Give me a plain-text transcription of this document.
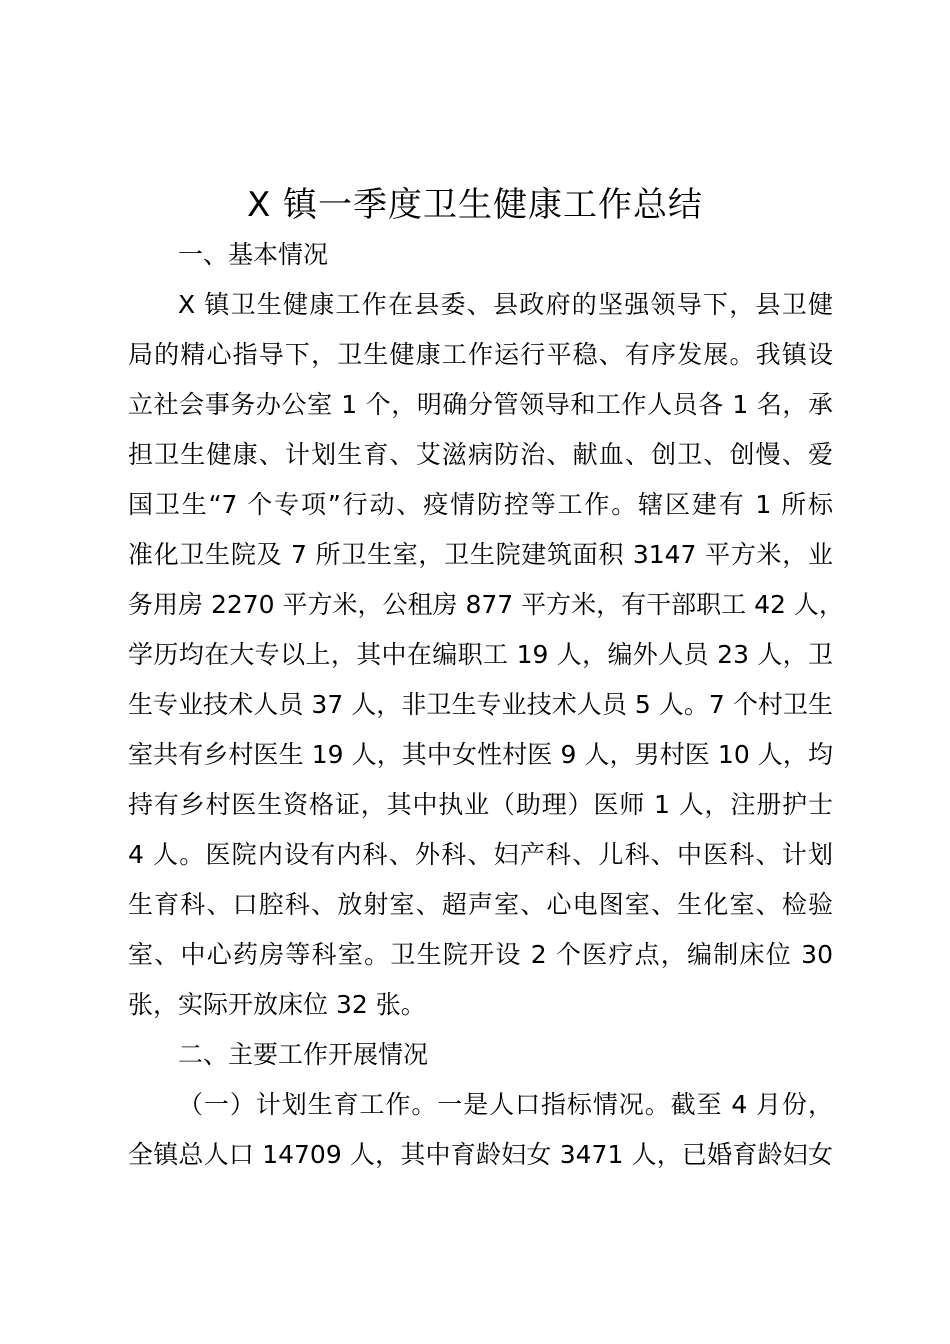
X 镇一季度卫生健康工作总结
一、基本情况
X 镇卫生健康工作在县委、县政府的坚强领导下，县卫健
局的精心指导下，卫生健康工作运行平稳、有序发展。我镇设
立社会事务办公室 1 个，明确分管领导和工作人员各 1 名，承
担卫生健康、计划生育、艾滋病防治、献血、创卫、创慢、爱
国卫生“7 个专项”行动、疫情防控等工作。辖区建有 1 所标
准化卫生院及 7 所卫生室，卫生院建筑面积 3147 平方米，业
务用房 2270 平方米，公租房 877 平方米，有干部职工 42 人，
学历均在大专以上，其中在编职工 19 人，编外人员 23 人，卫
生专业技术人员 37 人，非卫生专业技术人员 5 人。7 个村卫生
室共有乡村医生 19 人，其中女性村医 9 人，男村医 10 人，均
持有乡村医生资格证，其中执业（助理）医师 1 人，注册护士
4 人。医院内设有内科、外科、妇产科、儿科、中医科、计划
生育科、口腔科、放射室、超声室、心电图室、生化室、检验
室、中心药房等科室。卫生院开设 2 个医疗点，编制床位 30
张，实际开放床位 32 张。
二、主要工作开展情况
（一）计划生育工作。一是人口指标情况。截至 4 月份，
全镇总人口 14709 人，其中育龄妇女 3471 人，已婚育龄妇女
